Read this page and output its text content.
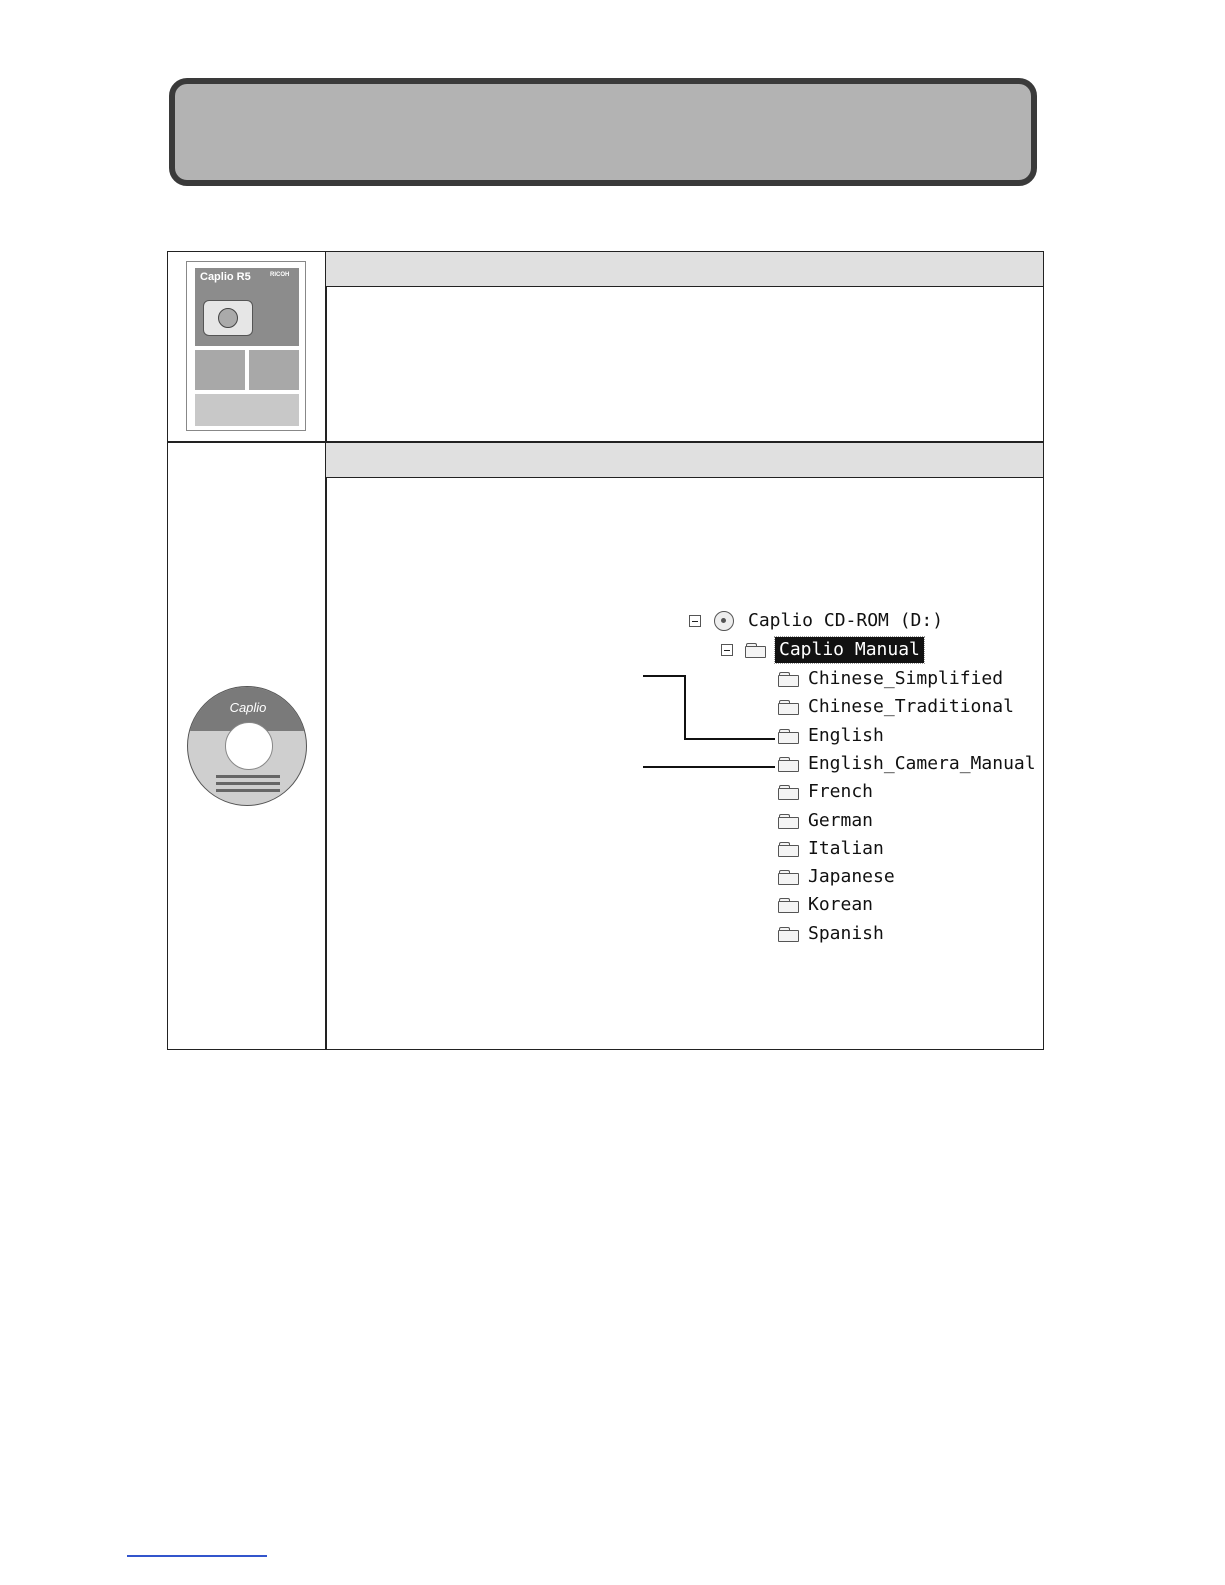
Caplio R5	RICOH
Caplio
Caplio CD-ROM (D:)
Caplio Manual
Chinese_Simplified
Chinese_Traditional
English
English_Camera_Manual
French
German
Italian
Japanese
Korean
Spanish
